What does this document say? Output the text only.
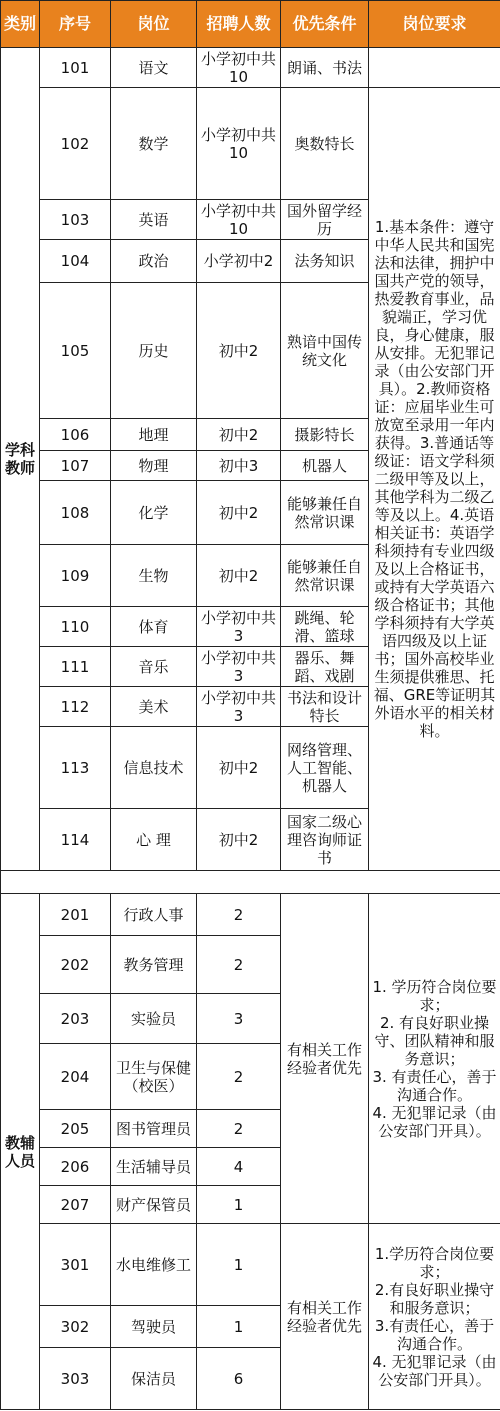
类别	序号	岗位	招聘人数	优先条件	岗位要求
学科教师	101	语文	小学初中共10	朗诵、书法	
	102	数学	小学初中共10	奥数特长	1.基本条件：遵守中华人民共和国宪法和法律，拥护中国共产党的领导，热爱教育事业，品貌端正，学习优良，身心健康，服从安排。无犯罪记录（由公安部门开具）。2.教师资格证：应届毕业生可放宽至录用一年内获得。3.普通话等级证：语文学科须二级甲等及以上，其他学科为二级乙等及以上。4.英语相关证书：英语学科须持有专业四级及以上合格证书，或持有大学英语六级合格证书；其他学科须持有大学英语四级及以上证书；国外高校毕业生须提供雅思、托福、GRE等证明其外语水平的相关材料。
	103	英语	小学初中共10	国外留学经历	
	104	政治	小学初中2	法务知识	
	105	历史	初中2	熟谙中国传统文化	
	106	地理	初中2	摄影特长	
	107	物理	初中3	机器人	
	108	化学	初中2	能够兼任自然常识课	
	109	生物	初中2	能够兼任自然常识课	
	110	体育	小学初中共3	跳绳、轮滑、篮球	
	111	音乐	小学初中共3	器乐、舞蹈、戏剧	
	112	美术	小学初中共3	书法和设计特长	
	113	信息技术	初中2	网络管理、人工智能、机器人	
	114	心 理	初中2	国家二级心理咨询师证书	

教辅人员	201	行政人事	2	有相关工作经验者优先	1. 学历符合岗位要求；
2. 有良好职业操守、团队精神和服务意识；
3. 有责任心，善于沟通合作。
4. 无犯罪记录（由公安部门开具）。

	202	教务管理	2		
	203	实验员	3		
	204	卫生与保健（校医）	2		
	205	图书管理员	2		
	206	生活辅导员	4		
	207	财产保管员	1		
	301	水电维修工	1	有相关工作经验者优先	1.学历符合岗位要求；
2.有良好职业操守和服务意识；
3.有责任心，善于沟通合作。
4. 无犯罪记录（由公安部门开具）。

	302	驾驶员	1		
	303	保洁员	6		
